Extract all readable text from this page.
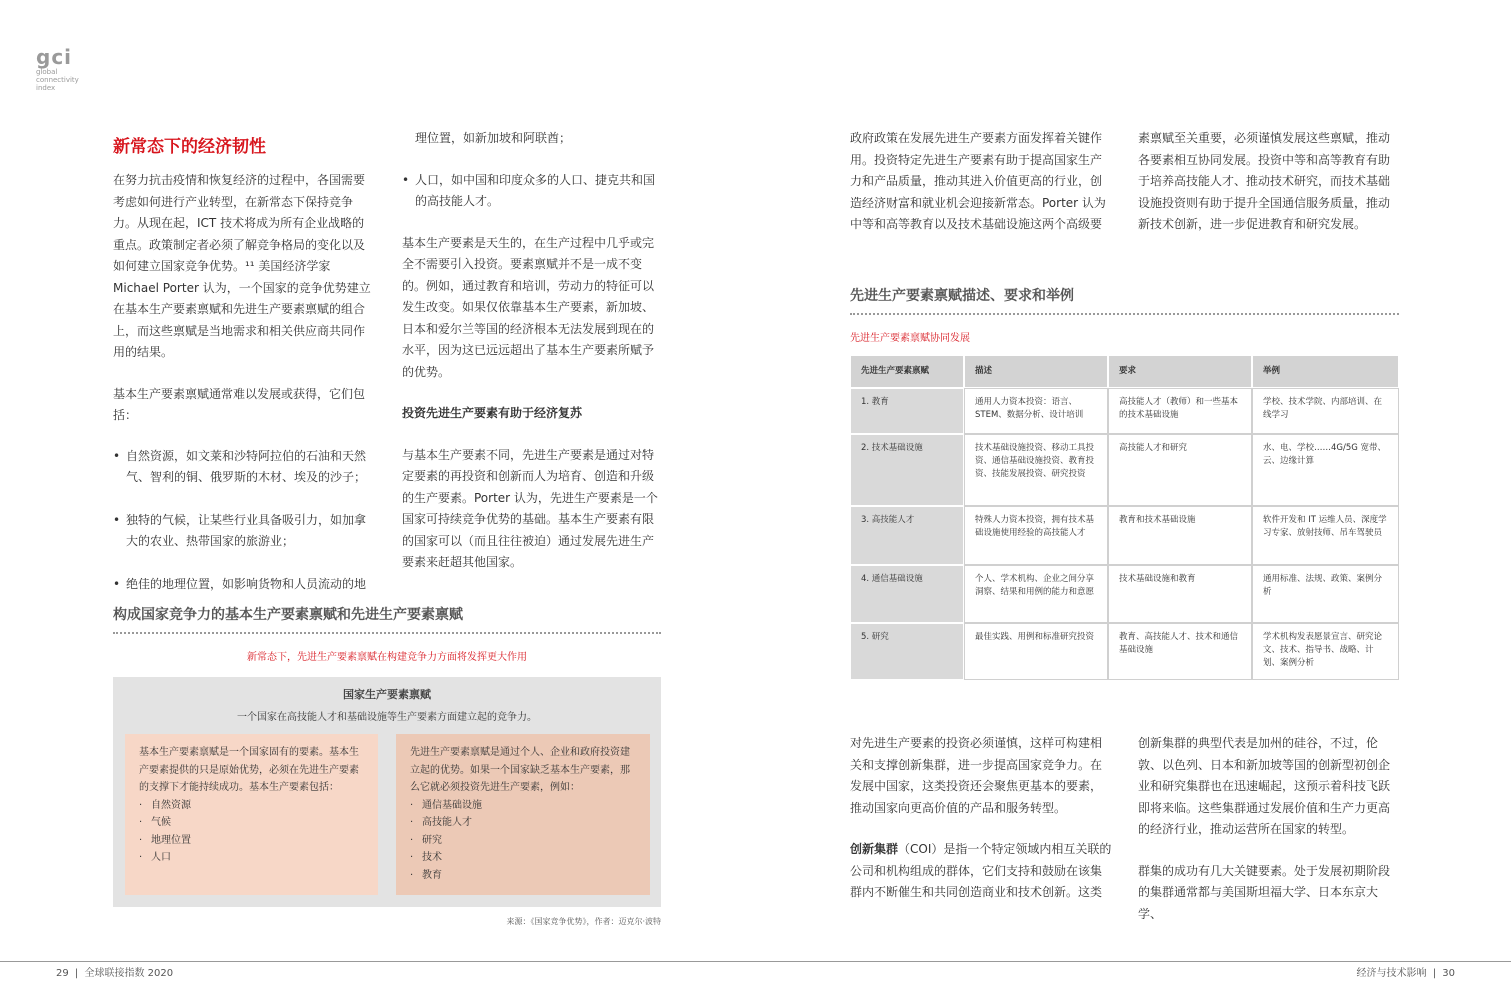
gci
global
connectivity
index
新常态下的经济韧性

在努力抗击疫情和恢复经济的过程中，各国需要考虑如何进行产业转型，在新常态下保持竞争力。从现在起，ICT 技术将成为所有企业战略的重点。政策制定者必须了解竞争格局的变化以及如何建立国家竞争优势。¹¹ 美国经济学家 Michael Porter 认为，一个国家的竞争优势建立在基本生产要素禀赋和先进生产要素禀赋的组合上，而这些禀赋是当地需求和相关供应商共同作用的结果。

基本生产要素禀赋通常难以发展或获得，它们包括：

• 自然资源，如文莱和沙特阿拉伯的石油和天然气、智利的铜、俄罗斯的木材、埃及的沙子；
• 独特的气候，让某些行业具备吸引力，如加拿大的农业、热带国家的旅游业；
• 绝佳的地理位置，如影响货物和人员流动的地

理位置，如新加坡和阿联酋；

• 人口，如中国和印度众多的人口、捷克共和国的高技能人才。

基本生产要素是天生的，在生产过程中几乎或完全不需要引入投资。要素禀赋并不是一成不变的。例如，通过教育和培训，劳动力的特征可以发生改变。如果仅依靠基本生产要素，新加坡、日本和爱尔兰等国的经济根本无法发展到现在的水平，因为这已远远超出了基本生产要素所赋予的优势。

投资先进生产要素有助于经济复苏

与基本生产要素不同，先进生产要素是通过对特定要素的再投资和创新而人为培育、创造和升级的生产要素。Porter 认为，先进生产要素是一个国家可持续竞争优势的基础。基本生产要素有限的国家可以（而且往往被迫）通过发展先进生产要素来赶超其他国家。

构成国家竞争力的基本生产要素禀赋和先进生产要素禀赋
新常态下，先进生产要素禀赋在构建竞争力方面将发挥更大作用
国家生产要素禀赋
一个国家在高技能人才和基础设施等生产要素方面建立起的竞争力。
基本生产要素禀赋是一个国家固有的要素。基本生产要素提供的只是原始优势，必须在先进生产要素的支撑下才能持续成功。基本生产要素包括：
· 自然资源
· 气候
· 地理位置
· 人口
先进生产要素禀赋是通过个人、企业和政府投资建立起的优势。如果一个国家缺乏基本生产要素，那么它就必须投资先进生产要素，例如：
· 通信基础设施
· 高技能人才
· 研究
· 技术
· 教育
来源：《国家竞争优势》，作者：迈克尔·波特
政府政策在发展先进生产要素方面发挥着关键作用。投资特定先进生产要素有助于提高国家生产力和产品质量，推动其进入价值更高的行业，创造经济财富和就业机会迎接新常态。Porter 认为中等和高等教育以及技术基础设施这两个高级要
素禀赋至关重要，必须谨慎发展这些禀赋，推动各要素相互协同发展。投资中等和高等教育有助于培养高技能人才、推动技术研究，而技术基础设施投资则有助于提升全国通信服务质量，推动新技术创新，进一步促进教育和研究发展。
先进生产要素禀赋描述、要求和举例
先进生产要素禀赋协同发展
先进生产要素禀赋	描述	要求	举例
1. 教育	通用人力资本投资：语言、STEM、数据分析、设计培训	高技能人才（教师）和一些基本的技术基础设施	学校、技术学院、内部培训、在线学习
2. 技术基础设施	技术基础设施投资、移动工具投资、通信基础设施投资、教育投资、技能发展投资、研究投资	高技能人才和研究	水、电、学校……4G/5G 宽带、云、边缘计算
3. 高技能人才	特殊人力资本投资，拥有技术基础设施使用经验的高技能人才	教育和技术基础设施	软件开发和 IT 运维人员、深度学习专家、放射技师、吊车驾驶员
4. 通信基础设施	个人、学术机构、企业之间分享洞察、结果和用例的能力和意愿	技术基础设施和教育	通用标准、法规、政策、案例分析
5. 研究	最佳实践、用例和标准研究投资	教育、高技能人才、技术和通信基础设施	学术机构发表愿景宣言、研究论文、技术、指导书、战略、计划、案例分析

对先进生产要素的投资必须谨慎，这样可构建相关和支撑创新集群，进一步提高国家竞争力。在发展中国家，这类投资还会聚焦更基本的要素，推动国家向更高价值的产品和服务转型。

创新集群（COI）是指一个特定领域内相互关联的公司和机构组成的群体，它们支持和鼓励在该集群内不断催生和共同创造商业和技术创新。这类

创新集群的典型代表是加州的硅谷，不过，伦敦、以色列、日本和新加坡等国的创新型初创企业和研究集群也在迅速崛起，这预示着科技飞跃即将来临。这些集群通过发展价值和生产力更高的经济行业，推动运营所在国家的转型。

群集的成功有几大关键要素。处于发展初期阶段的集群通常都与美国斯坦福大学、日本东京大学、

29 | 全球联接指数 2020	经济与技术影响 | 30
